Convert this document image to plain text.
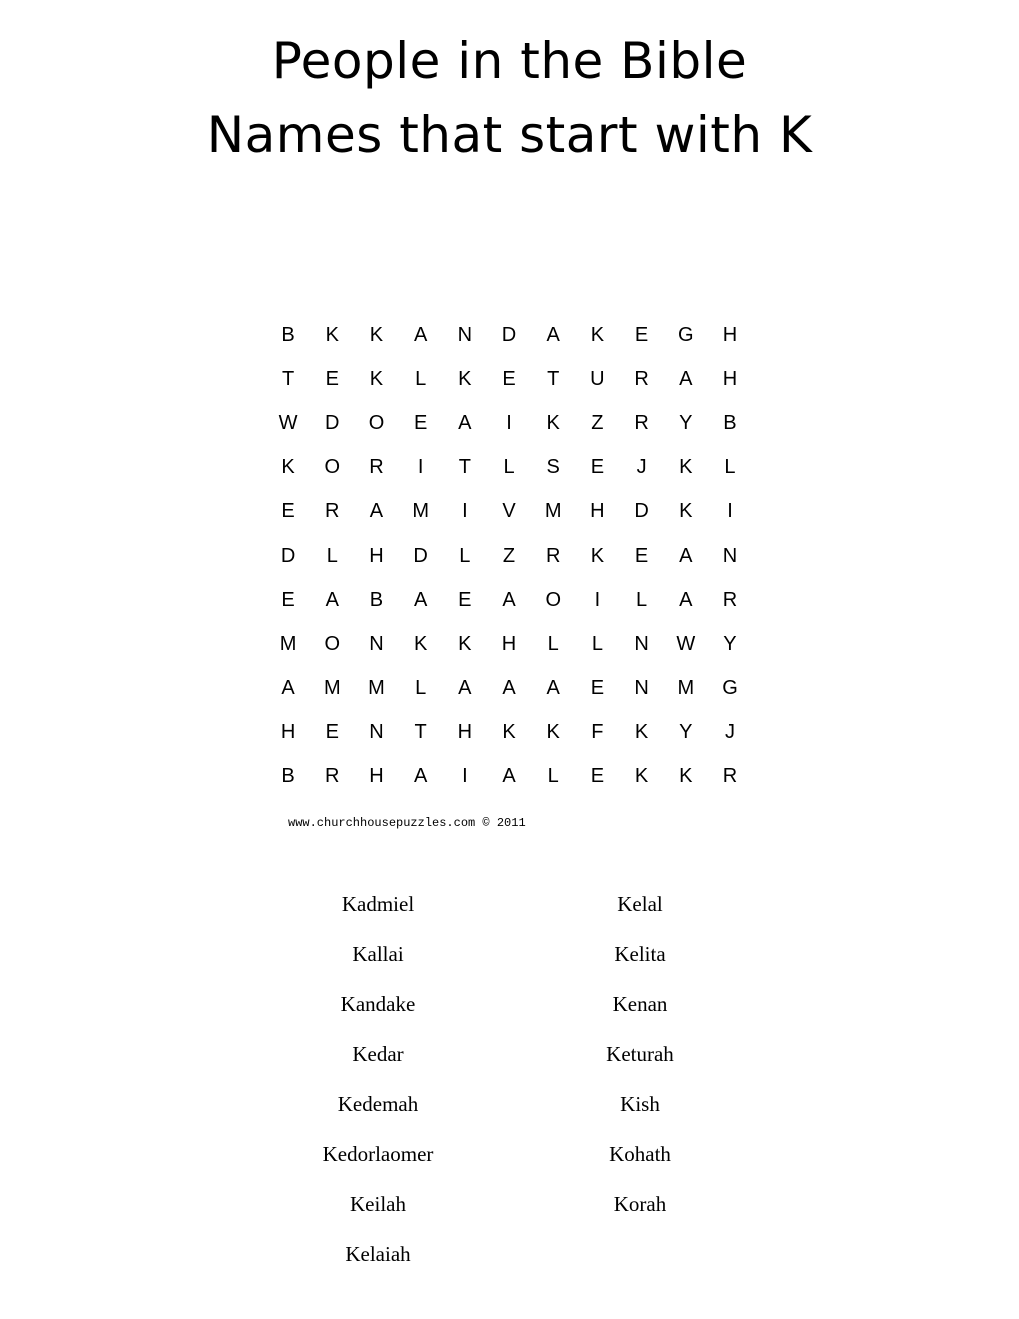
People in the Bible
Names that start with K
B	K	K	A	N	D	A	K	E	G	H
T	E	K	L	K	E	T	U	R	A	H
W	D	O	E	A	I	K	Z	R	Y	B
K	O	R	I	T	L	S	E	J	K	L
E	R	A	M	I	V	M	H	D	K	I
D	L	H	D	L	Z	R	K	E	A	N
E	A	B	A	E	A	O	I	L	A	R
M	O	N	K	K	H	L	L	N	W	Y
A	M	M	L	A	A	A	E	N	M	G
H	E	N	T	H	K	K	F	K	Y	J
B	R	H	A	I	A	L	E	K	K	R
www.churchhousepuzzles.com © 2011
Kadmiel
Kallai
Kandake
Kedar
Kedemah
Kedorlaomer
Keilah
Kelaiah
Kelal
Kelita
Kenan
Keturah
Kish
Kohath
Korah
